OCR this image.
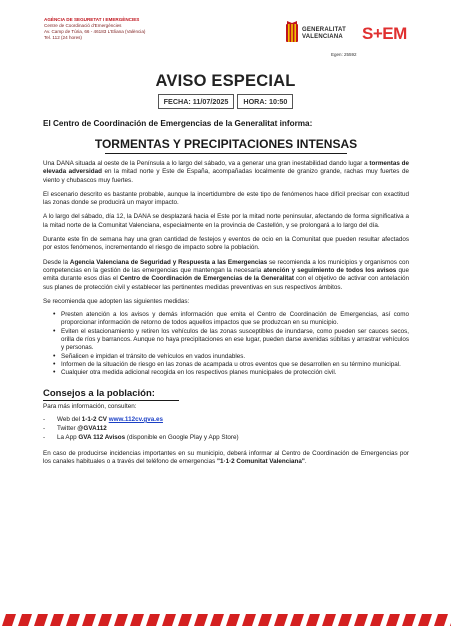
AGÈNCIA DE SEGURETAT I EMERGÈNCIES
Centre de Coordinació d'Emergències
Av. Camp de Túria, 66 - 46183 L'Eliana (València)
Tel. 112 (24 hores)
GENERALITAT
VALENCIANA S+EM
Egen: 25592
AVISO ESPECIAL
FECHA: 11/07/2025	HORA: 10:50
El Centro de Coordinación de Emergencias de la Generalitat informa:
TORMENTAS Y PRECIPITACIONES INTENSAS

Una DANA situada al oeste de la Península a lo largo del sábado, va a generar una gran inestabilidad dando lugar a tormentas de elevada adversidad en la mitad norte y Este de España, acompañadas localmente de granizo grande, rachas muy fuertes de viento y chubascos muy fuertes.

El escenario descrito es bastante probable, aunque la incertidumbre de este tipo de fenómenos hace difícil precisar con exactitud las zonas donde se producirá un mayor impacto.

A lo largo del sábado, día 12, la DANA se desplazará hacia el Este por la mitad norte peninsular, afectando de forma significativa a la mitad norte de la Comunitat Valenciana, especialmente en la provincia de Castellón, y se prolongará a lo largo del día.

Durante este fin de semana hay una gran cantidad de festejos y eventos de ocio en la Comunitat que pueden resultar afectados por estos fenómenos, incrementando el riesgo de impacto sobre la población.

Desde la Agencia Valenciana de Seguridad y Respuesta a las Emergencias se recomienda a los municipios y organismos con competencias en la gestión de las emergencias que mantengan la necesaria atención y seguimiento de todos los avisos que emita durante esos días el Centro de Coordinación de Emergencias de la Generalitat con el objetivo de activar con antelación sus planes de protección civil y establecer las pertinentes medidas preventivas en sus respectivos ámbitos.

Se recomienda que adopten las siguientes medidas:

• Presten atención a los avisos y demás información que emita el Centro de Coordinación de Emergencias, así como proporcionar información de retorno de todos aquellos impactos que se produzcan en su municipio.
• Eviten el estacionamiento y retiren los vehículos de las zonas susceptibles de inundarse, como pueden ser cauces secos, orilla de ríos y barrancos. Aunque no haya precipitaciones en ese lugar, pueden darse avenidas súbitas y arrastrar vehículos y personas.
• Señalicen e impidan el tránsito de vehículos en vados inundables.
• Informen de la situación de riesgo en las zonas de acampada u otros eventos que se desarrollen en su término municipal.
• Cualquier otra medida adicional recogida en los respectivos planes municipales de protección civil.
Consejos a la población:

Para más información, consulten:

- Web del 1-1-2 CV www.112cv.gva.es
- Twitter @GVA112
- La App GVA 112 Avisos (disponible en Google Play y App Store)

En caso de producirse incidencias importantes en su municipio, deberá informar al Centro de Coordinación de Emergencias por los canales habituales o a través del teléfono de emergencias "1·1·2 Comunitat Valenciana".
